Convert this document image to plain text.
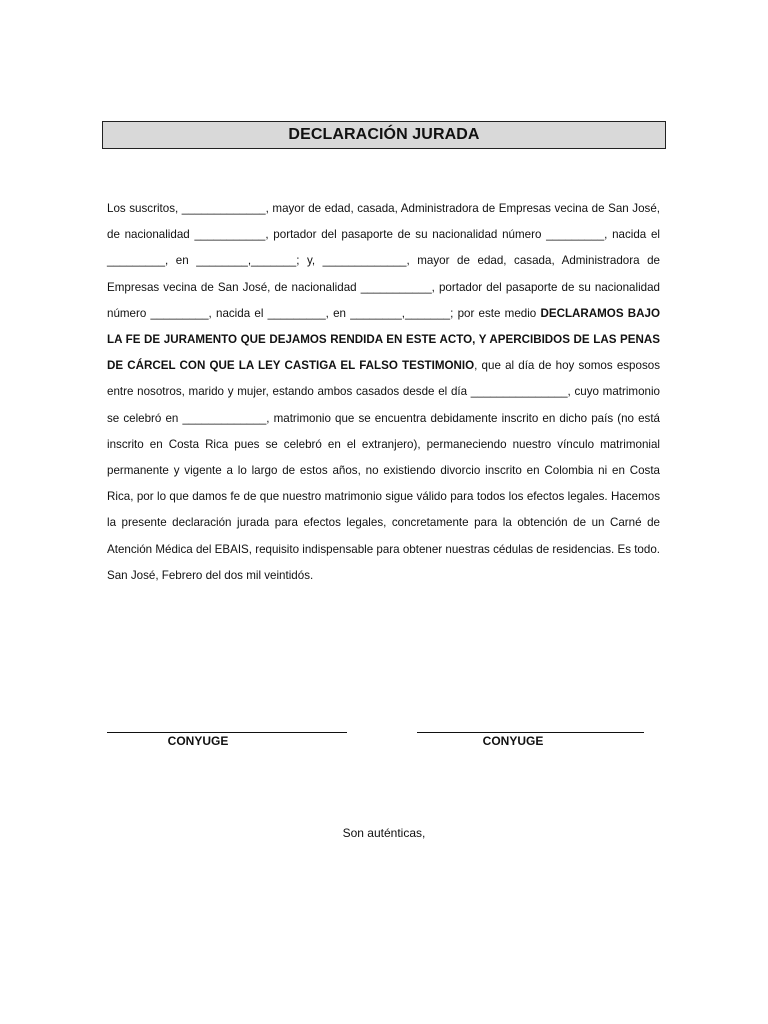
DECLARACIÓN JURADA

Los suscritos, _____________, mayor de edad, casada, Administradora de Empresas vecina de San José, de nacionalidad ___________, portador del pasaporte de su nacionalidad número _________, nacida el _________, en ________,_______; y, _____________, mayor de edad, casada, Administradora de Empresas vecina de San José, de nacionalidad ___________, portador del pasaporte de su nacionalidad número _________, nacida el _________, en ________,_______; por este medio DECLARAMOS BAJO LA FE DE JURAMENTO QUE DEJAMOS RENDIDA EN ESTE ACTO, Y APERCIBIDOS DE LAS PENAS DE CÁRCEL CON QUE LA LEY CASTIGA EL FALSO TESTIMONIO, que al día de hoy somos esposos entre nosotros, marido y mujer, estando ambos casados desde el día _______________, cuyo matrimonio se celebró en _____________, matrimonio que se encuentra debidamente inscrito en dicho país (no está inscrito en Costa Rica pues se celebró en el extranjero), permaneciendo nuestro vínculo matrimonial permanente y vigente a lo largo de estos años, no existiendo divorcio inscrito en Colombia ni en Costa Rica, por lo que damos fe de que nuestro matrimonio sigue válido para todos los efectos legales. Hacemos la presente declaración jurada para efectos legales, concretamente para la obtención de un Carné de Atención Médica del EBAIS, requisito indispensable para obtener nuestras cédulas de residencias. Es todo. San José, Febrero del dos mil veintidós.

CONYUGE	CONYUGE
Son auténticas,
